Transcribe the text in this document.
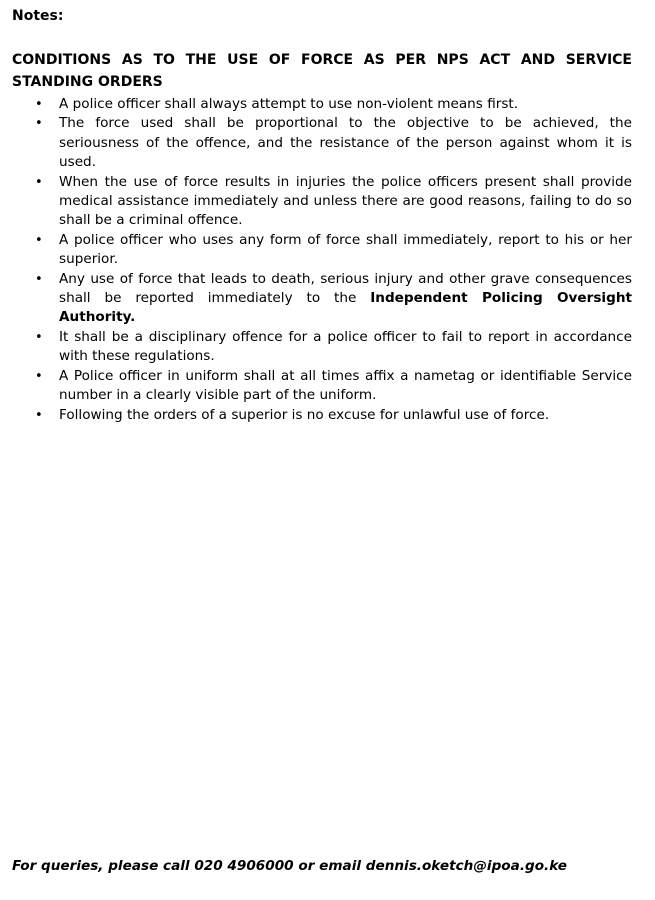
Notes:
CONDITIONS AS TO THE USE OF FORCE AS PER NPS ACT AND SERVICE STANDING ORDERS
• A police officer shall always attempt to use non-violent means first.
• The force used shall be proportional to the objective to be achieved, the seriousness of the offence, and the resistance of the person against whom it is used.
• When the use of force results in injuries the police officers present shall provide medical assistance immediately and unless there are good reasons, failing to do so shall be a criminal offence.
• A police officer who uses any form of force shall immediately, report to his or her superior.
• Any use of force that leads to death, serious injury and other grave consequences shall be reported immediately to the Independent Policing Oversight Authority.
• It shall be a disciplinary offence for a police officer to fail to report in accordance with these regulations.
• A Police officer in uniform shall at all times affix a nametag or identifiable Service number in a clearly visible part of the uniform.
• Following the orders of a superior is no excuse for unlawful use of force.
For queries, please call 020 4906000 or email dennis.oketch@ipoa.go.ke
